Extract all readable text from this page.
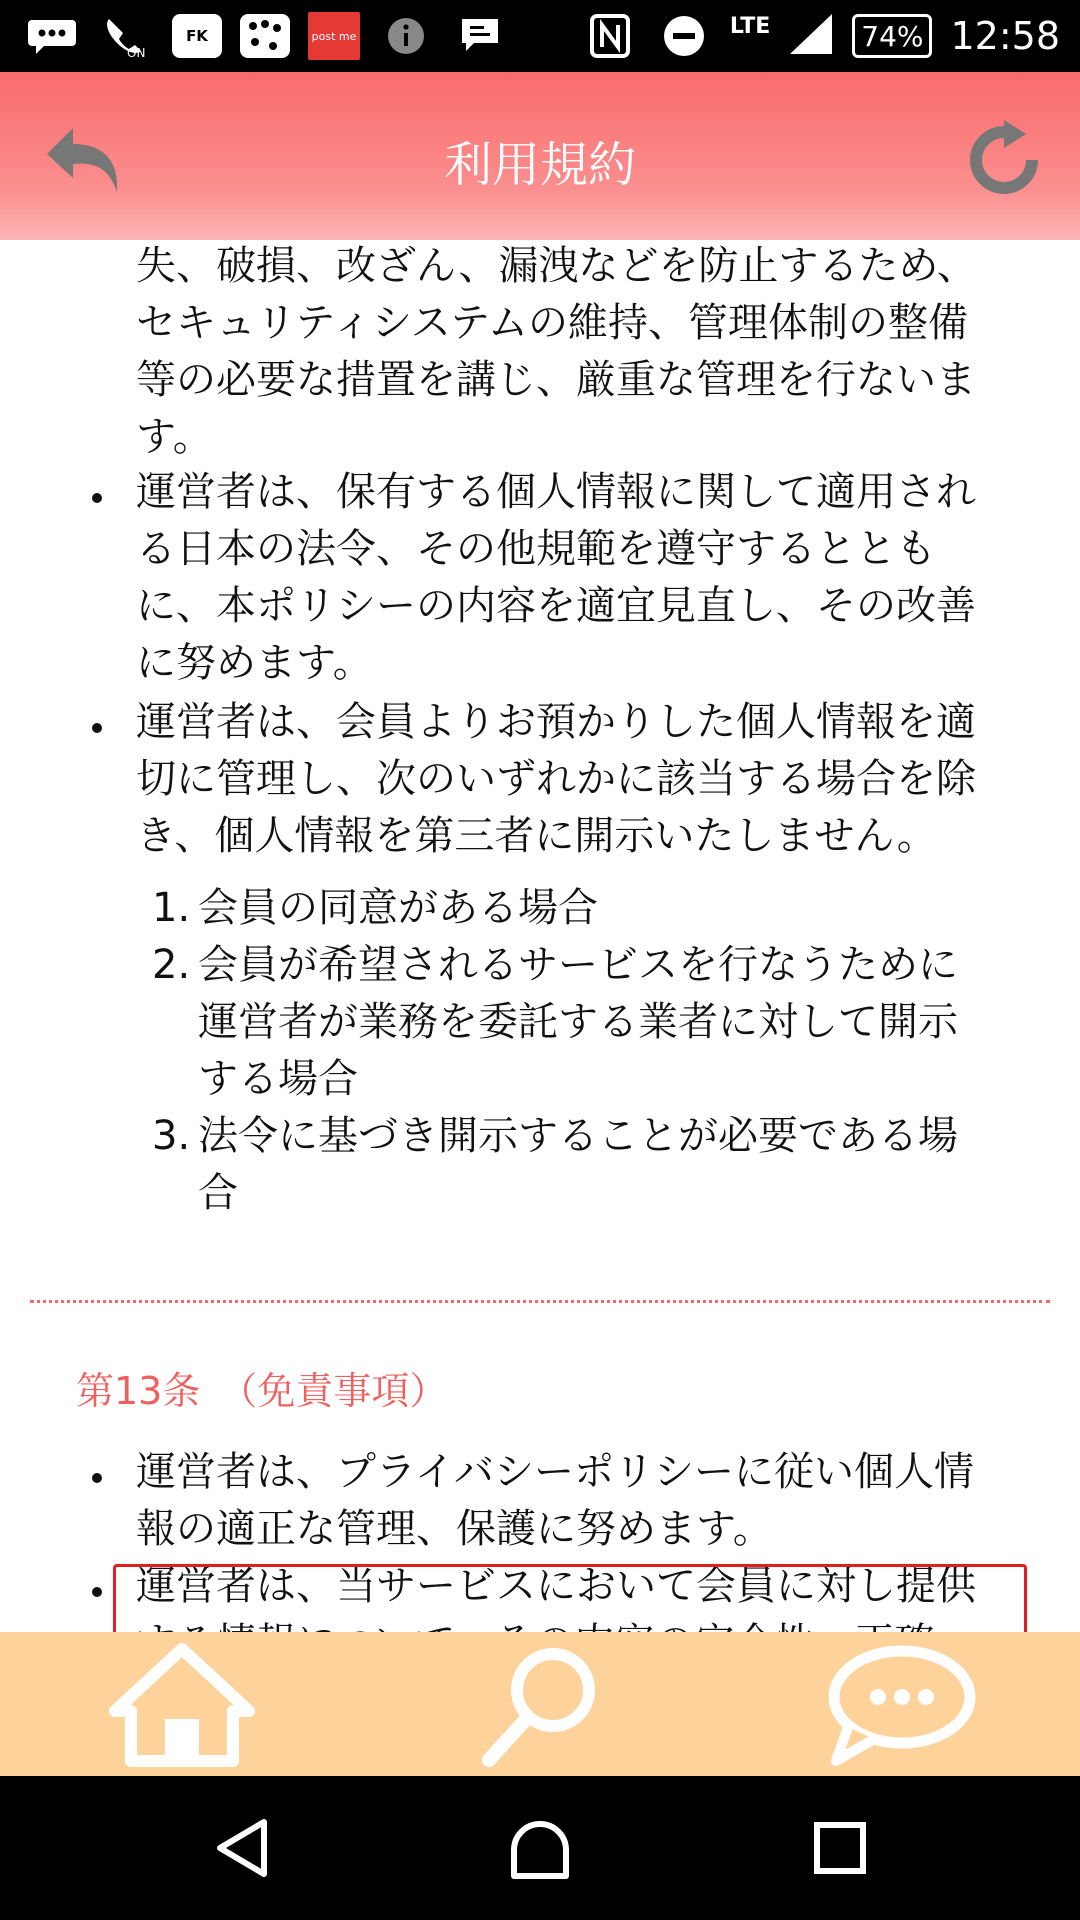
ON
FK	post me	LTE	74% 12:58
利用規約
失、破損、改ざん、漏洩などを防止するため、セキュリティシステムの維持、管理体制の整備等の必要な措置を講じ、厳重な管理を行ないます。
運営者は、保有する個人情報に関して適用される日本の法令、その他規範を遵守するとともに、本ポリシーの内容を適宜見直し、その改善に努めます。
運営者は、会員よりお預かりした個人情報を適切に管理し、次のいずれかに該当する場合を除き、個人情報を第三者に開示いたしません。
1. 会員の同意がある場合
2. 会員が希望されるサービスを行なうために運営者が業務を委託する業者に対して開示する場合
3. 法令に基づき開示することが必要である場合
第13条　（免責事項）
運営者は、プライバシーポリシーに従い個人情報の適正な管理、保護に努めます。
運営者は、当サービスにおいて会員に対し提供
